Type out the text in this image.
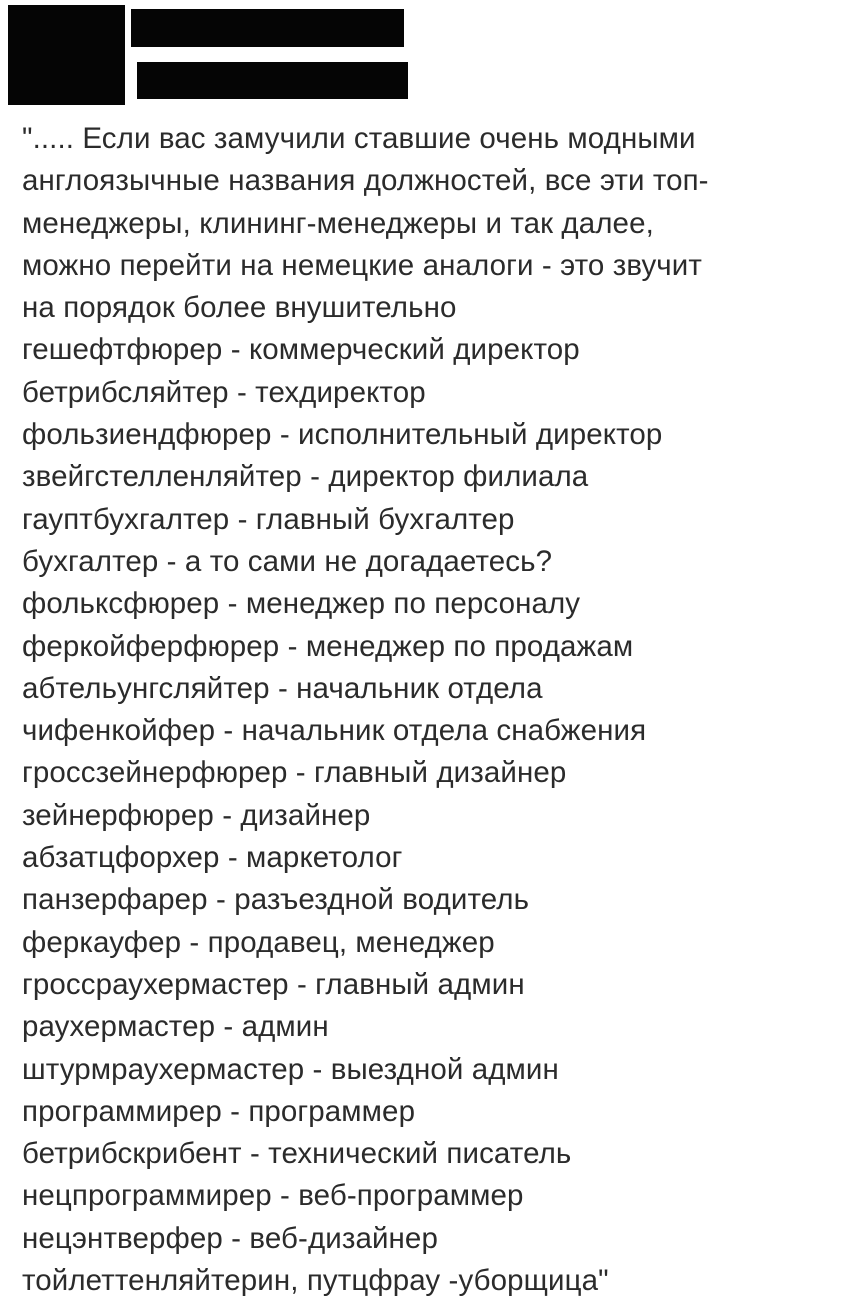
"..... Если вас замучили ставшие очень модными
англоязычные названия должностей, все эти топ-
менеджеры, клининг-менеджеры и так далее,
можно перейти на немецкие аналоги - это звучит
на порядок более внушительно
гешефтфюрер - коммерческий директор
бетрибсляйтер - техдиректор
фользиендфюрер - исполнительный директор
звейгстелленляйтер - директор филиала
гауптбухгалтер - главный бухгалтер
бухгалтер - а то сами не догадаетесь?
фольксфюрер - менеджер по персоналу
феркойферфюрер - менеджер по продажам
абтельунгсляйтер - начальник отдела
чифенкойфер - начальник отдела снабжения
гроссзейнерфюрер - главный дизайнер
зейнерфюрер - дизайнер
абзатцфорхер - маркетолог
панзерфарер - разъездной водитель
феркауфер - продавец, менеджер
гроссраухермастер - главный админ
раухермастер - админ
штурмраухермастер - выездной админ
программирер - программер
бетрибскрибент - технический писатель
нецпрограммирер - веб-программер
нецэнтверфер - веб-дизайнер
тойлеттенляйтерин, путцфрау -уборщица"
